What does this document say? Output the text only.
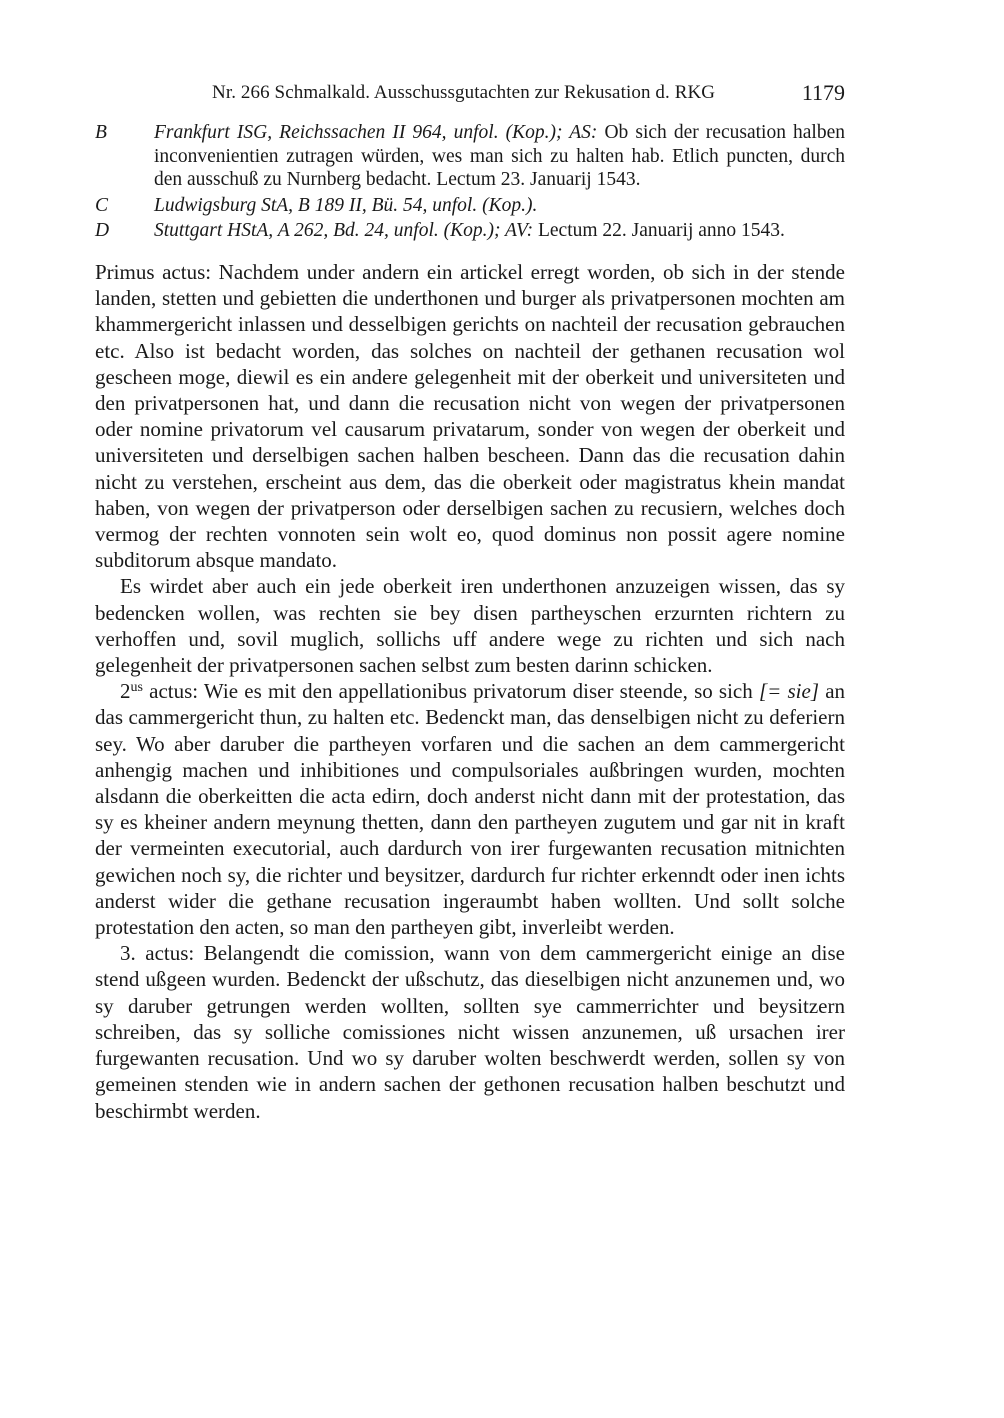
Nr. 266 Schmalkald. Ausschussgutachten zur Rekusation d. RKG	1179
B	Frankfurt ISG, Reichssachen II 964, unfol. (Kop.); AS: Ob sich der recusation halben inconvenientien zutragen würden, wes man sich zu halten hab. Etlich puncten, durch den ausschuß zu Nurnberg bedacht. Lectum 23. Januarij 1543.
C	Ludwigsburg StA, B 189 II, Bü. 54, unfol. (Kop.).
D	Stuttgart HStA, A 262, Bd. 24, unfol. (Kop.); AV: Lectum 22. Januarij anno 1543.

Primus actus: Nachdem under andern ein artickel erregt worden, ob sich in der stende landen, stetten und gebietten die underthonen und burger als privatpersonen mochten am khammergericht inlassen und desselbigen gerichts on nachteil der recusation gebrauchen etc. Also ist bedacht worden, das solches on nachteil der gethanen recusation wol gescheen moge, diewil es ein andere gelegenheit mit der oberkeit und universiteten und den privatpersonen hat, und dann die recusation nicht von wegen der privatpersonen oder nomine privatorum vel causarum privatarum, sonder von wegen der oberkeit und universiteten und derselbigen sachen halben bescheen. Dann das die recusation dahin nicht zu verstehen, erscheint aus dem, das die oberkeit oder magistratus khein mandat haben, von wegen der privatperson oder derselbigen sachen zu recusiern, welches doch vermog der rechten vonnoten sein wolt eo, quod dominus non possit agere nomine subditorum absque mandato.

Es wirdet aber auch ein jede oberkeit iren underthonen anzuzeigen wissen, das sy bedencken wollen, was rechten sie bey disen partheyschen erzurnten richtern zu verhoffen und, sovil muglich, sollichs uff andere wege zu richten und sich nach gelegenheit der privatpersonen sachen selbst zum besten darinn schicken.

$2^{us}$ actus: Wie es mit den appellationibus privatorum diser steende, so sich [= sie] an das cammergericht thun, zu halten etc. Bedenckt man, das denselbigen nicht zu deferiern sey. Wo aber daruber die partheyen vorfaren und die sachen an dem cammergericht anhengig machen und inhibitiones und compulsoriales außbringen wurden, mochten alsdann die oberkeitten die acta edirn, doch anderst nicht dann mit der protestation, das sy es kheiner andern meynung thetten, dann den partheyen zugutem und gar nit in kraft der vermeinten executorial, auch dardurch von irer furgewanten recusation mitnichten gewichen noch sy, die richter und beysitzer, dardurch fur richter erkenndt oder inen ichts anderst wider die gethane recusation ingeraumbt haben wollten. Und sollt solche protestation den acten, so man den partheyen gibt, inverleibt werden.

3. actus: Belangendt die comission, wann von dem cammergericht einige an dise stend ußgeen wurden. Bedenckt der ußschutz, das dieselbigen nicht anzunemen und, wo sy daruber getrungen werden wollten, sollten sye cammerrichter und beysitzern schreiben, das sy solliche comissiones nicht wissen anzunemen, uß ursachen irer furgewanten recusation. Und wo sy daruber wolten beschwerdt werden, sollen sy von gemeinen stenden wie in andern sachen der gethonen recusation halben beschutzt und beschirmbt werden.
